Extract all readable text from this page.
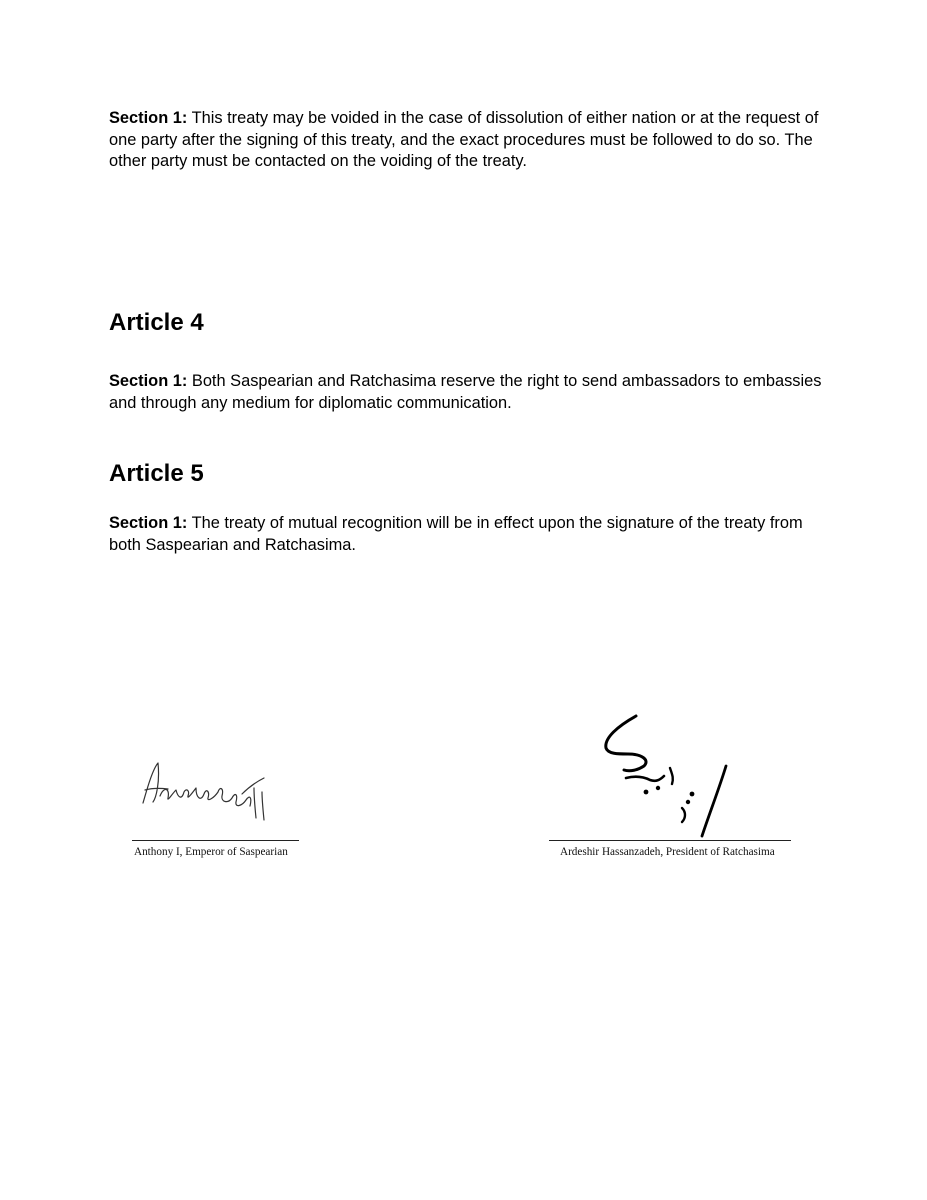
Section 1: This treaty may be voided in the case of dissolution of either nation or at the request of one party after the signing of this treaty, and the exact procedures must be followed to do so. The other party must be contacted on the voiding of the treaty.

Article 4

Section 1: Both Saspearian and Ratchasima reserve the right to send ambassadors to embassies and through any medium for diplomatic communication.

Article 5

Section 1: The treaty of mutual recognition will be in effect upon the signature of the treaty from both Saspearian and Ratchasima.

Anthony I, Emperor of Saspearian	Ardeshir Hassanzadeh, President of Ratchasima
